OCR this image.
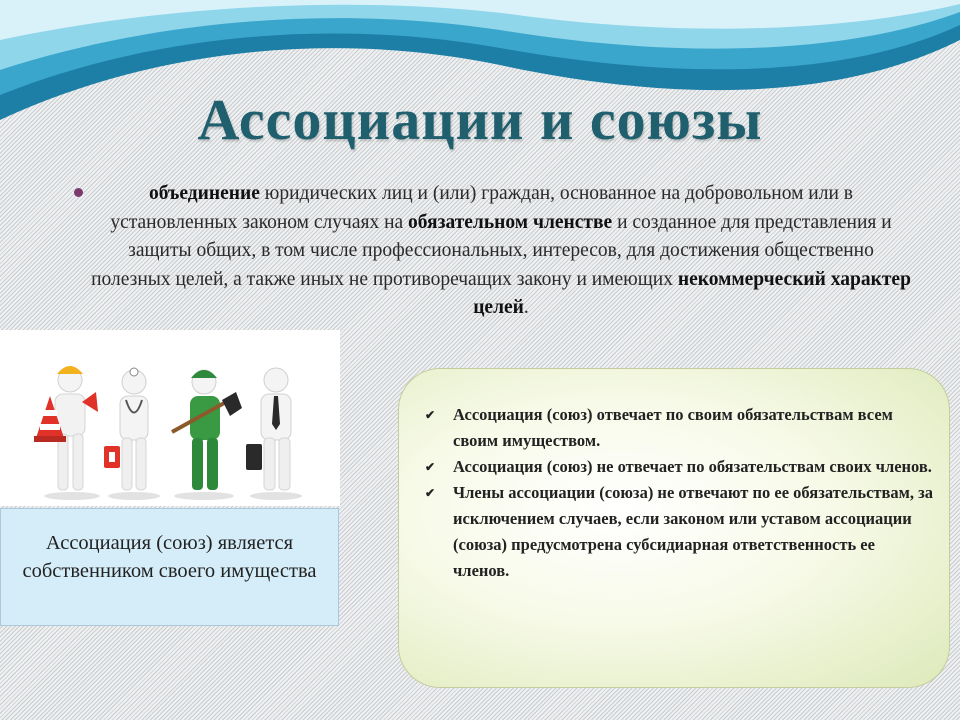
Ассоциации и союзы
объединение юридических лиц и (или) граждан, основанное на добровольном или в установленных законом случаях на обязательном членстве и созданное для представления и защиты общих, в том числе профессиональных, интересов, для достижения общественно полезных целей, а также иных не противоречащих закону и имеющих некоммерческий характер целей.
Ассоциация (союз) является собственником своего имущества
✔ Ассоциация (союз) отвечает по своим обязательствам всем своим имуществом.
✔ Ассоциация (союз) не отвечает по обязательствам своих членов.
✔ Члены ассоциации (союза) не отвечают по ее обязательствам, за исключением случаев, если законом или уставом ассоциации (союза) предусмотрена субсидиарная ответственность ее членов.
